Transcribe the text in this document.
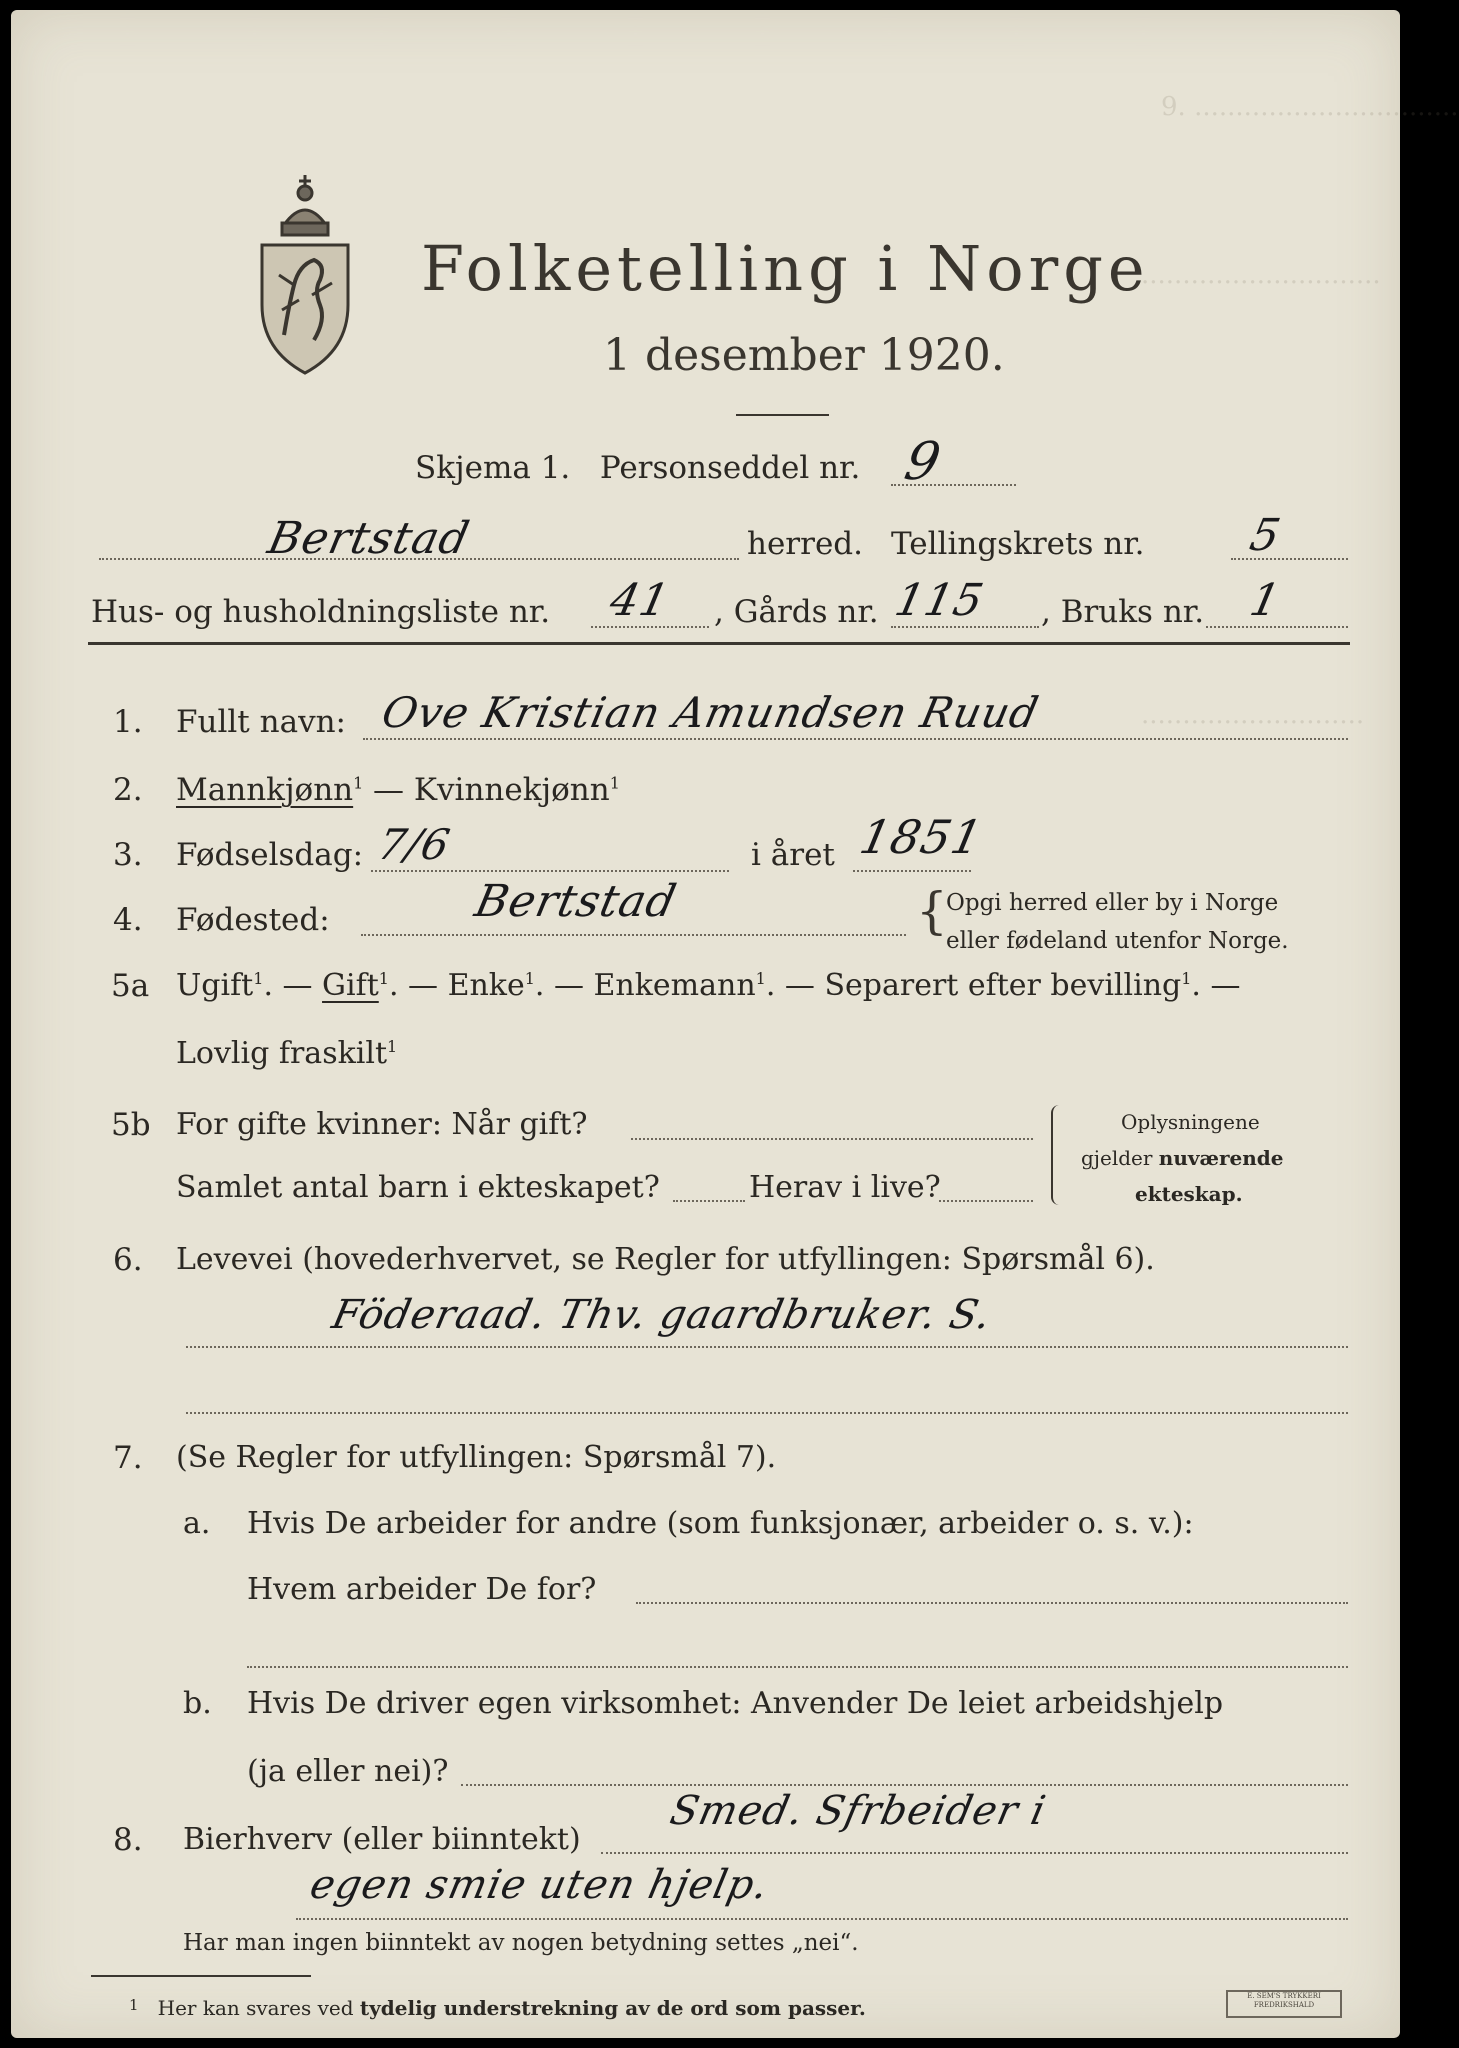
9. ................................
.............................
...........................
Folketelling i Norge
1 desember 1920.
Skjema 1. Personseddel nr. 9
Bertstad	herred. Tellingskrets nr. 5
Hus- og husholdningsliste nr. 41 , Gårds nr. 115 , Bruks nr. 1
1. Fullt navn: Ove Kristian Amundsen Ruud
2. Mannkjønn$^1$ — Kvinnekjønn$^1$
3. Fødselsdag: 7/6	i året 1851
4. Fødested:	Bertstad	{
Opgi herred eller by i Norge
eller fødeland utenfor Norge.
5a Ugift$^1$. — Gift$^1$. — Enke$^1$. — Enkemann$^1$. — Separert efter bevilling$^1$. —
Lovlig fraskilt$^1$
5b For gifte kvinner: Når gift?
Samlet antal barn i ekteskapet?	Herav i live?
Oplysningene
gjelder nuværende
ekteskap.
6. Levevei (hovederhvervet, se Regler for utfyllingen: Spørsmål 6).
Föderaad. Thv. gaardbruker. S.
7. (Se Regler for utfyllingen: Spørsmål 7).
a. Hvis De arbeider for andre (som funksjonær, arbeider o. s. v.):
Hvem arbeider De for?
b. Hvis De driver egen virksomhet: Anvender De leiet arbeidshjelp
(ja eller nei)?
8. Bierhverv (eller biinntekt)
Smed. Sfrbeider i
egen smie uten hjelp.
Har man ingen biinntekt av nogen betydning settes „nei“.
$^1$ Her kan svares ved tydelig understrekning av de ord som passer.	E. SEM'S TRYKKERI
FREDRIKSHALD
